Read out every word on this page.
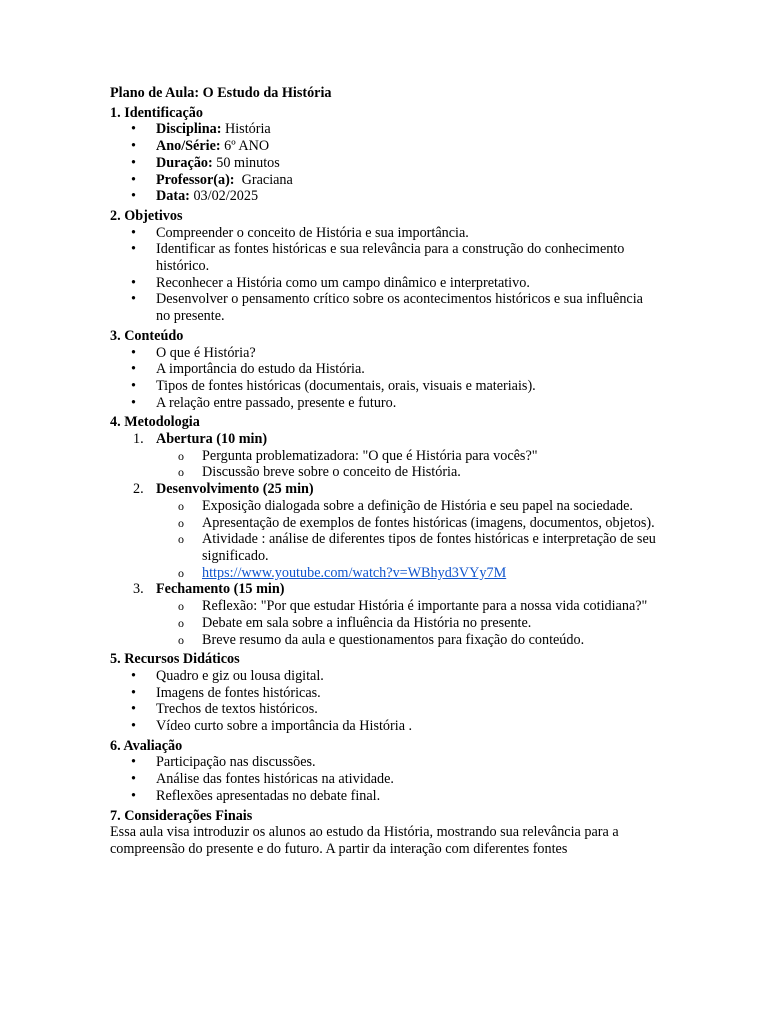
Plano de Aula: O Estudo da História
1. Identificação
• Disciplina: História
• Ano/Série: 6º ANO
• Duração: 50 minutos
• Professor(a):  Graciana
• Data: 03/02/2025
2. Objetivos
• Compreender o conceito de História e sua importância.
• Identificar as fontes históricas e sua relevância para a construção do conhecimento histórico.
• Reconhecer a História como um campo dinâmico e interpretativo.
• Desenvolver o pensamento crítico sobre os acontecimentos históricos e sua influência no presente.
3. Conteúdo
• O que é História?
• A importância do estudo da História.
• Tipos de fontes históricas (documentais, orais, visuais e materiais).
• A relação entre passado, presente e futuro.
4. Metodologia
1. Abertura (10 min)
o Pergunta problematizadora: "O que é História para vocês?"
o Discussão breve sobre o conceito de História.
2. Desenvolvimento (25 min)
o Exposição dialogada sobre a definição de História e seu papel na sociedade.
o Apresentação de exemplos de fontes históricas (imagens, documentos, objetos).
o Atividade : análise de diferentes tipos de fontes históricas e interpretação de seu significado.
o https://www.youtube.com/watch?v=WBhyd3VYy7M
3. Fechamento (15 min)
o Reflexão: "Por que estudar História é importante para a nossa vida cotidiana?"
o Debate em sala sobre a influência da História no presente.
o Breve resumo da aula e questionamentos para fixação do conteúdo.
5. Recursos Didáticos
• Quadro e giz ou lousa digital.
• Imagens de fontes históricas.
• Trechos de textos históricos.
• Vídeo curto sobre a importância da História .
6. Avaliação
• Participação nas discussões.
• Análise das fontes históricas na atividade.
• Reflexões apresentadas no debate final.
7. Considerações Finais

Essa aula visa introduzir os alunos ao estudo da História, mostrando sua relevância para a compreensão do presente e do futuro. A partir da interação com diferentes fontes
